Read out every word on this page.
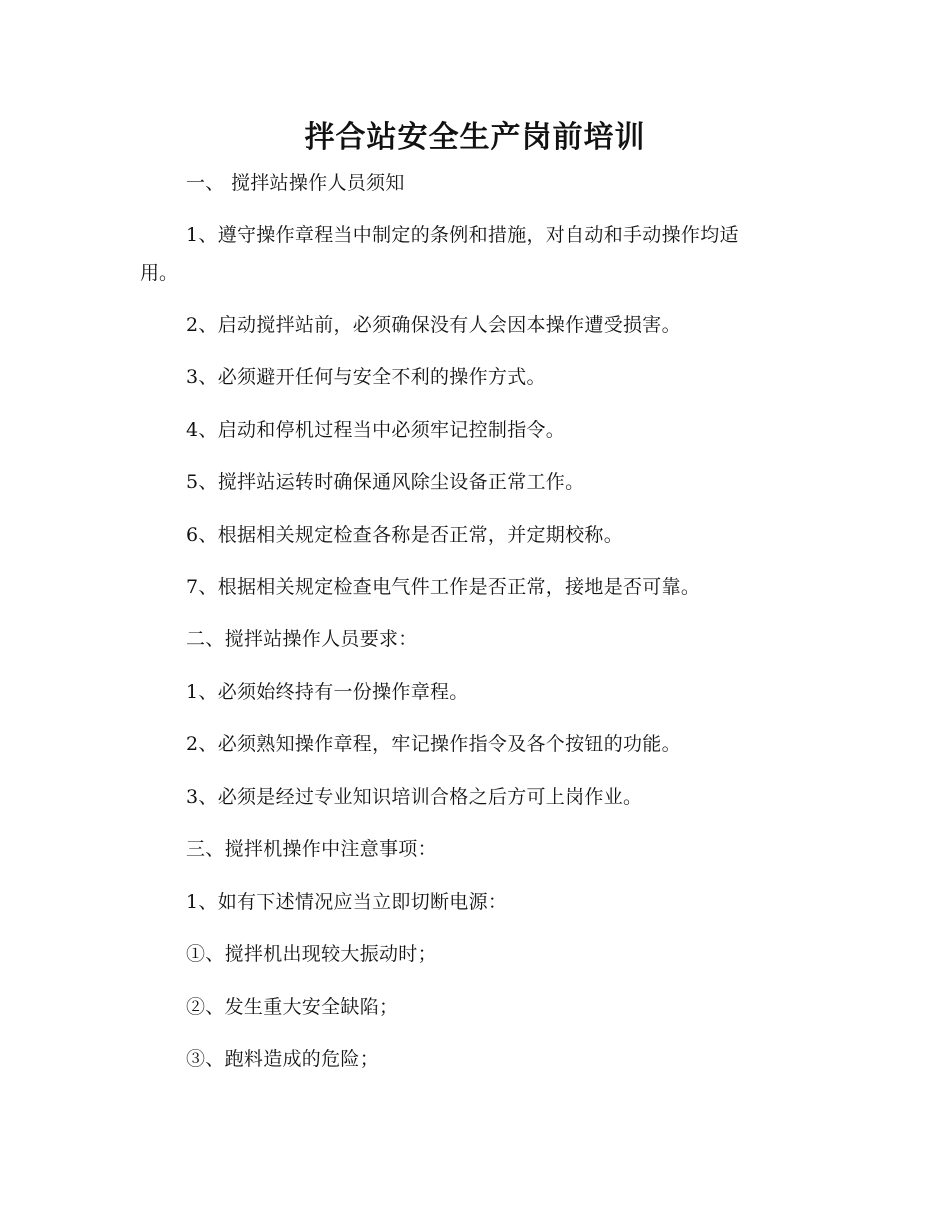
拌合站安全生产岗前培训
一、 搅拌站操作人员须知
1、遵守操作章程当中制定的条例和措施，对自动和手动操作均适
用。
2、启动搅拌站前，必须确保没有人会因本操作遭受损害。
3、必须避开任何与安全不利的操作方式。
4、启动和停机过程当中必须牢记控制指令。
5、搅拌站运转时确保通风除尘设备正常工作。
6、根据相关规定检查各称是否正常，并定期校称。
7、根据相关规定检查电气件工作是否正常，接地是否可靠。
二、搅拌站操作人员要求：
1、必须始终持有一份操作章程。
2、必须熟知操作章程，牢记操作指令及各个按钮的功能。
3、必须是经过专业知识培训合格之后方可上岗作业。
三、搅拌机操作中注意事项：
1、如有下述情况应当立即切断电源：
①、搅拌机出现较大振动时；
②、发生重大安全缺陷；
③、跑料造成的危险；
